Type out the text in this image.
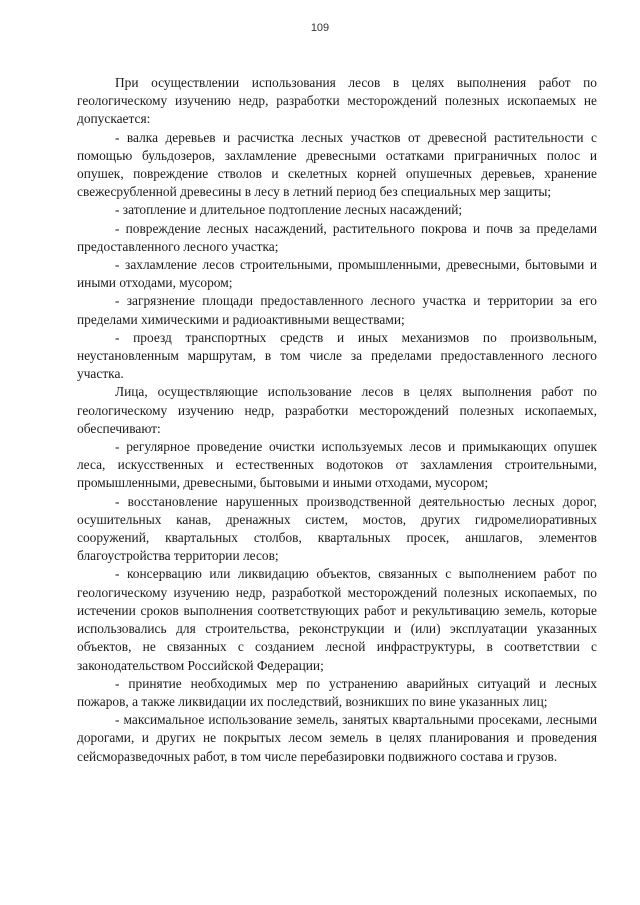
109

При осуществлении использования лесов в целях выполнения работ по геологическому изучению недр, разработки месторождений полезных ископаемых не допускается:

- валка деревьев и расчистка лесных участков от древесной растительности с помощью бульдозеров, захламление древесными остатками приграничных полос и опушек, повреждение стволов и скелетных корней опушечных деревьев, хранение свежесрубленной древесины в лесу в летний период без специальных мер защиты;

- затопление и длительное подтопление лесных насаждений;

- повреждение лесных насаждений, растительного покрова и почв за пределами предоставленного лесного участка;

- захламление лесов строительными, промышленными, древесными, бытовыми и иными отходами, мусором;

- загрязнение площади предоставленного лесного участка и территории за его пределами химическими и радиоактивными веществами;

- проезд транспортных средств и иных механизмов по произвольным, неустановленным маршрутам, в том числе за пределами предоставленного лесного участка.

Лица, осуществляющие использование лесов в целях выполнения работ по геологическому изучению недр, разработки месторождений полезных ископаемых, обеспечивают:

- регулярное проведение очистки используемых лесов и примыкающих опушек леса, искусственных и естественных водотоков от захламления строительными, промышленными, древесными, бытовыми и иными отходами, мусором;

- восстановление нарушенных производственной деятельностью лесных дорог, осушительных канав, дренажных систем, мостов, других гидромелиоративных сооружений, квартальных столбов, квартальных просек, аншлагов, элементов благоустройства территории лесов;

- консервацию или ликвидацию объектов, связанных с выполнением работ по геологическому изучению недр, разработкой месторождений полезных ископаемых, по истечении сроков выполнения соответствующих работ и рекультивацию земель, которые использовались для строительства, реконструкции и (или) эксплуатации указанных объектов, не связанных с созданием лесной инфраструктуры, в соответствии с законодательством Российской Федерации;

- принятие необходимых мер по устранению аварийных ситуаций и лесных пожаров, а также ликвидации их последствий, возникших по вине указанных лиц;

- максимальное использование земель, занятых квартальными просеками, лесными дорогами, и других не покрытых лесом земель в целях планирования и проведения сейсморазведочных работ, в том числе перебазировки подвижного состава и грузов.
